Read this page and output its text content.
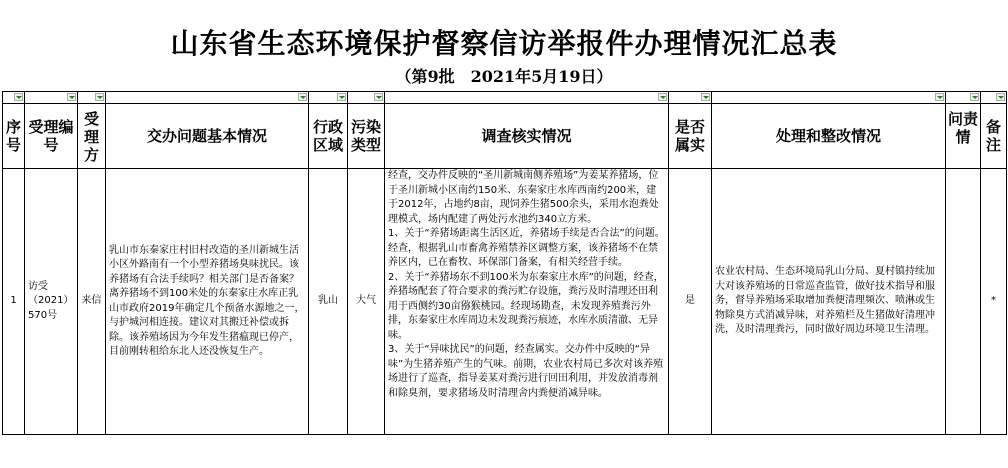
山东省生态环境保护督察信访举报件办理情况汇总表
（第9批　2021年5月19日）

序号	受理编号	受理方	交办问题基本情况	行政区域	污染类型	调查核实情况	是否属实	处理和整改情况	问责情	备注
1	访受（2021）570号	来信	乳山市东秦家庄村旧村改造的圣川新城生活小区外路南有一个小型养猪场臭味扰民。该养猪场有合法手续吗？相关部门是否备案？离养猪场不到100米处的东秦家庄水库正乳山市政府2019年确定几个预备水源地之一，与护城河相连接。建议对其搬迁补偿或拆除。该养殖场因为今年发生猪瘟现已停产，目前刚转租给东北人还没恢复生产。	乳山	大气	经查，交办件反映的“圣川新城南侧养殖场”为姜某养猪场，位于圣川新城小区南约150米、东秦家庄水库西南约200米，建于2012年，占地约8亩，现饲养生猪500余头，采用水泡粪处理模式，场内配建了两处污水池约340立方米。
1、关于“养猪场距离生活区近，养猪场手续是否合法”的问题。经查，根据乳山市畜禽养殖禁养区调整方案，该养猪场不在禁养区内，已在畜牧、环保部门备案，有相关经营手续。
2、关于“养猪场东不到100米为东秦家庄水库”的问题，经查，养猪场配套了符合要求的粪污贮存设施，粪污及时清理还田利用于西侧约30亩猕猴桃园。经现场勘查，未发现养殖粪污外排，东秦家庄水库周边未发现粪污痕迹，水库水质清澈、无异味。
3、关于“异味扰民”的问题，经查属实。交办件中反映的“异味”为生猪养殖产生的气味。前期，农业农村局已多次对该养殖场进行了巡查，指导姜某对粪污进行回田利用，并发放消毒剂和除臭剂，要求猪场及时清理舍内粪便消减异味。	是	农业农村局、生态环境局乳山分局、夏村镇持续加大对该养殖场的日常巡查监管，做好技术指导和服务，督导养殖场采取增加粪便清理频次、喷淋或生物除臭方式消减异味，对养殖栏及生猪做好清理冲洗，及时清理粪污，同时做好周边环境卫生清理。		*
